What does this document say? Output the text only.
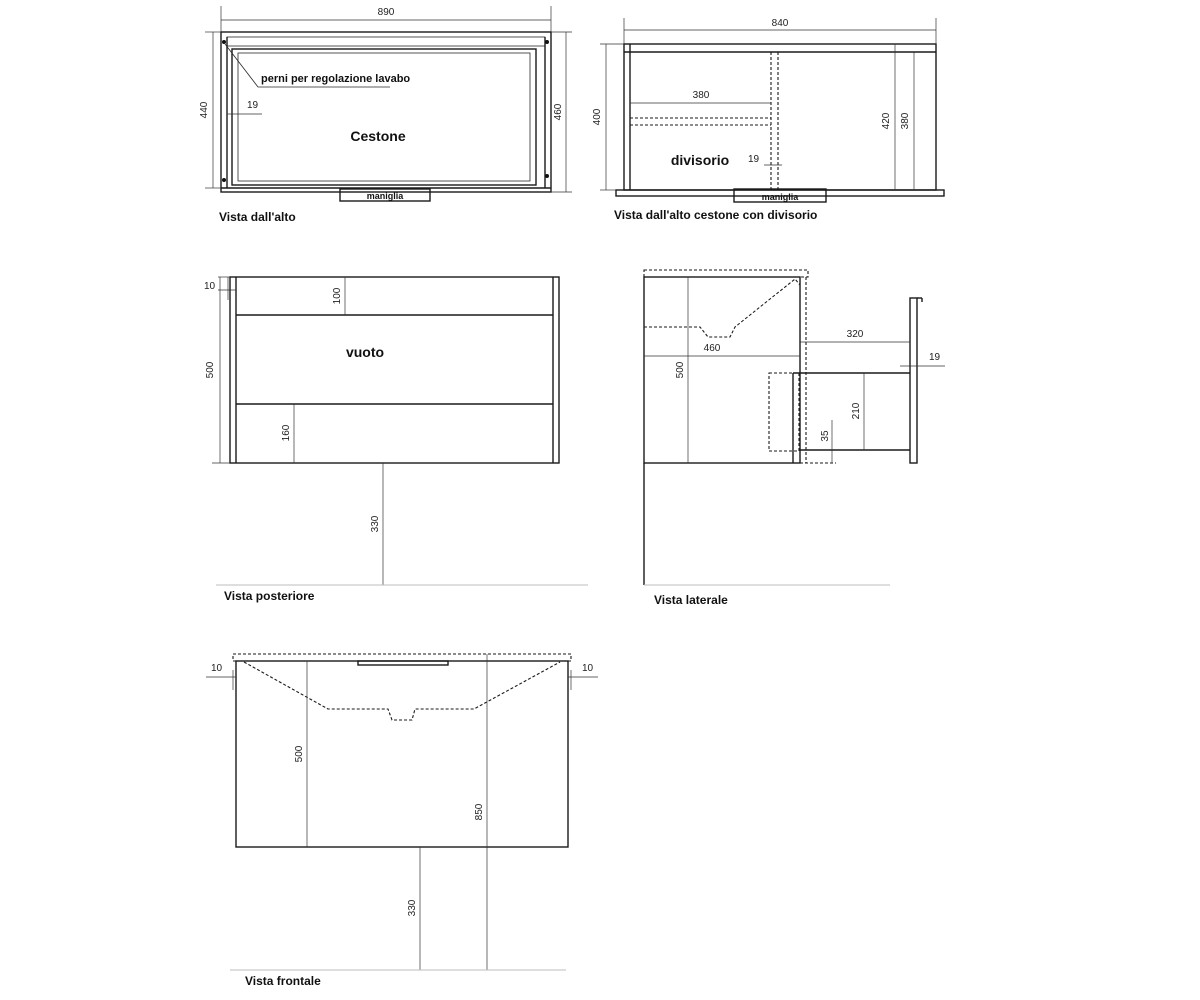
maniglia
890
440	460
19
perni per regolazione lavabo
Cestone
Vista dall'alto
380
19
420 380
840
400
maniglia
divisorio
Vista dall'alto cestone con divisorio
10
500
100
160
330
vuoto
Vista posteriore
460
500
320
19
210
35
Vista laterale
10	10
500
850
330
Vista frontale
